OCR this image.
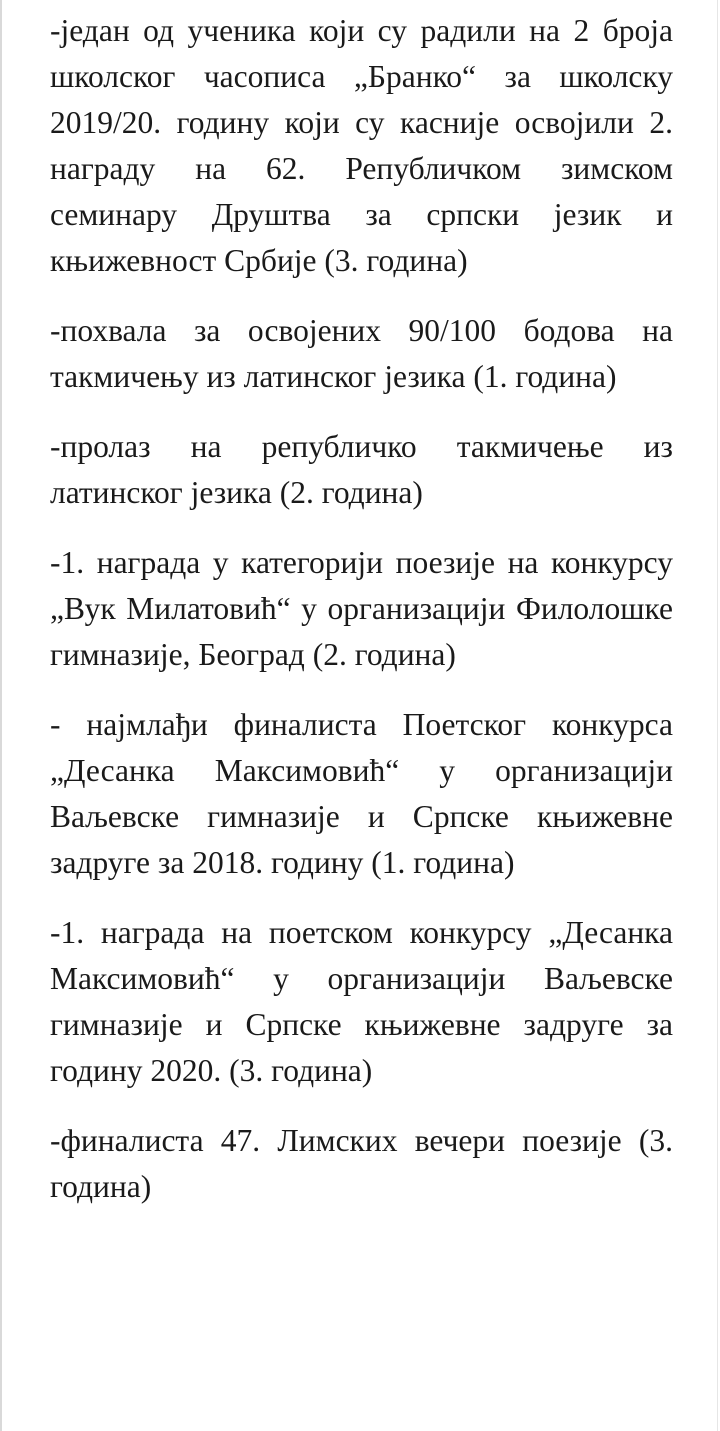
-један од ученика који су радили на 2 броја школског часописа „Бранко“ за школску 2019/20. годину који су касније освојили 2. награду на 62. Републичком зимском семинару Друштва за српски језик и књижевност Србије (3. година)

-похвала за освојених 90/100 бодова на такмичењу из латинског језика (1. година)

-пролаз на републичко такмичење из латинског језика (2. година)

-1. награда у категорији поезије на конкурсу „Вук Милатовић“ у организацији Филолошке гимназије, Београд (2. година)

- најмлађи финалиста Поетског конкурса „Десанка Максимовић“ у организацији Ваљевске гимназије и Српске књижевне задруге за 2018. годину (1. година)

-1. награда на поетском конкурсу „Десанка Максимовић“ у организацији Ваљевске гимназије и Српске књижевне задруге за годину 2020. (3. година)

-финалиста 47. Лимских вечери поезије (3. година)
